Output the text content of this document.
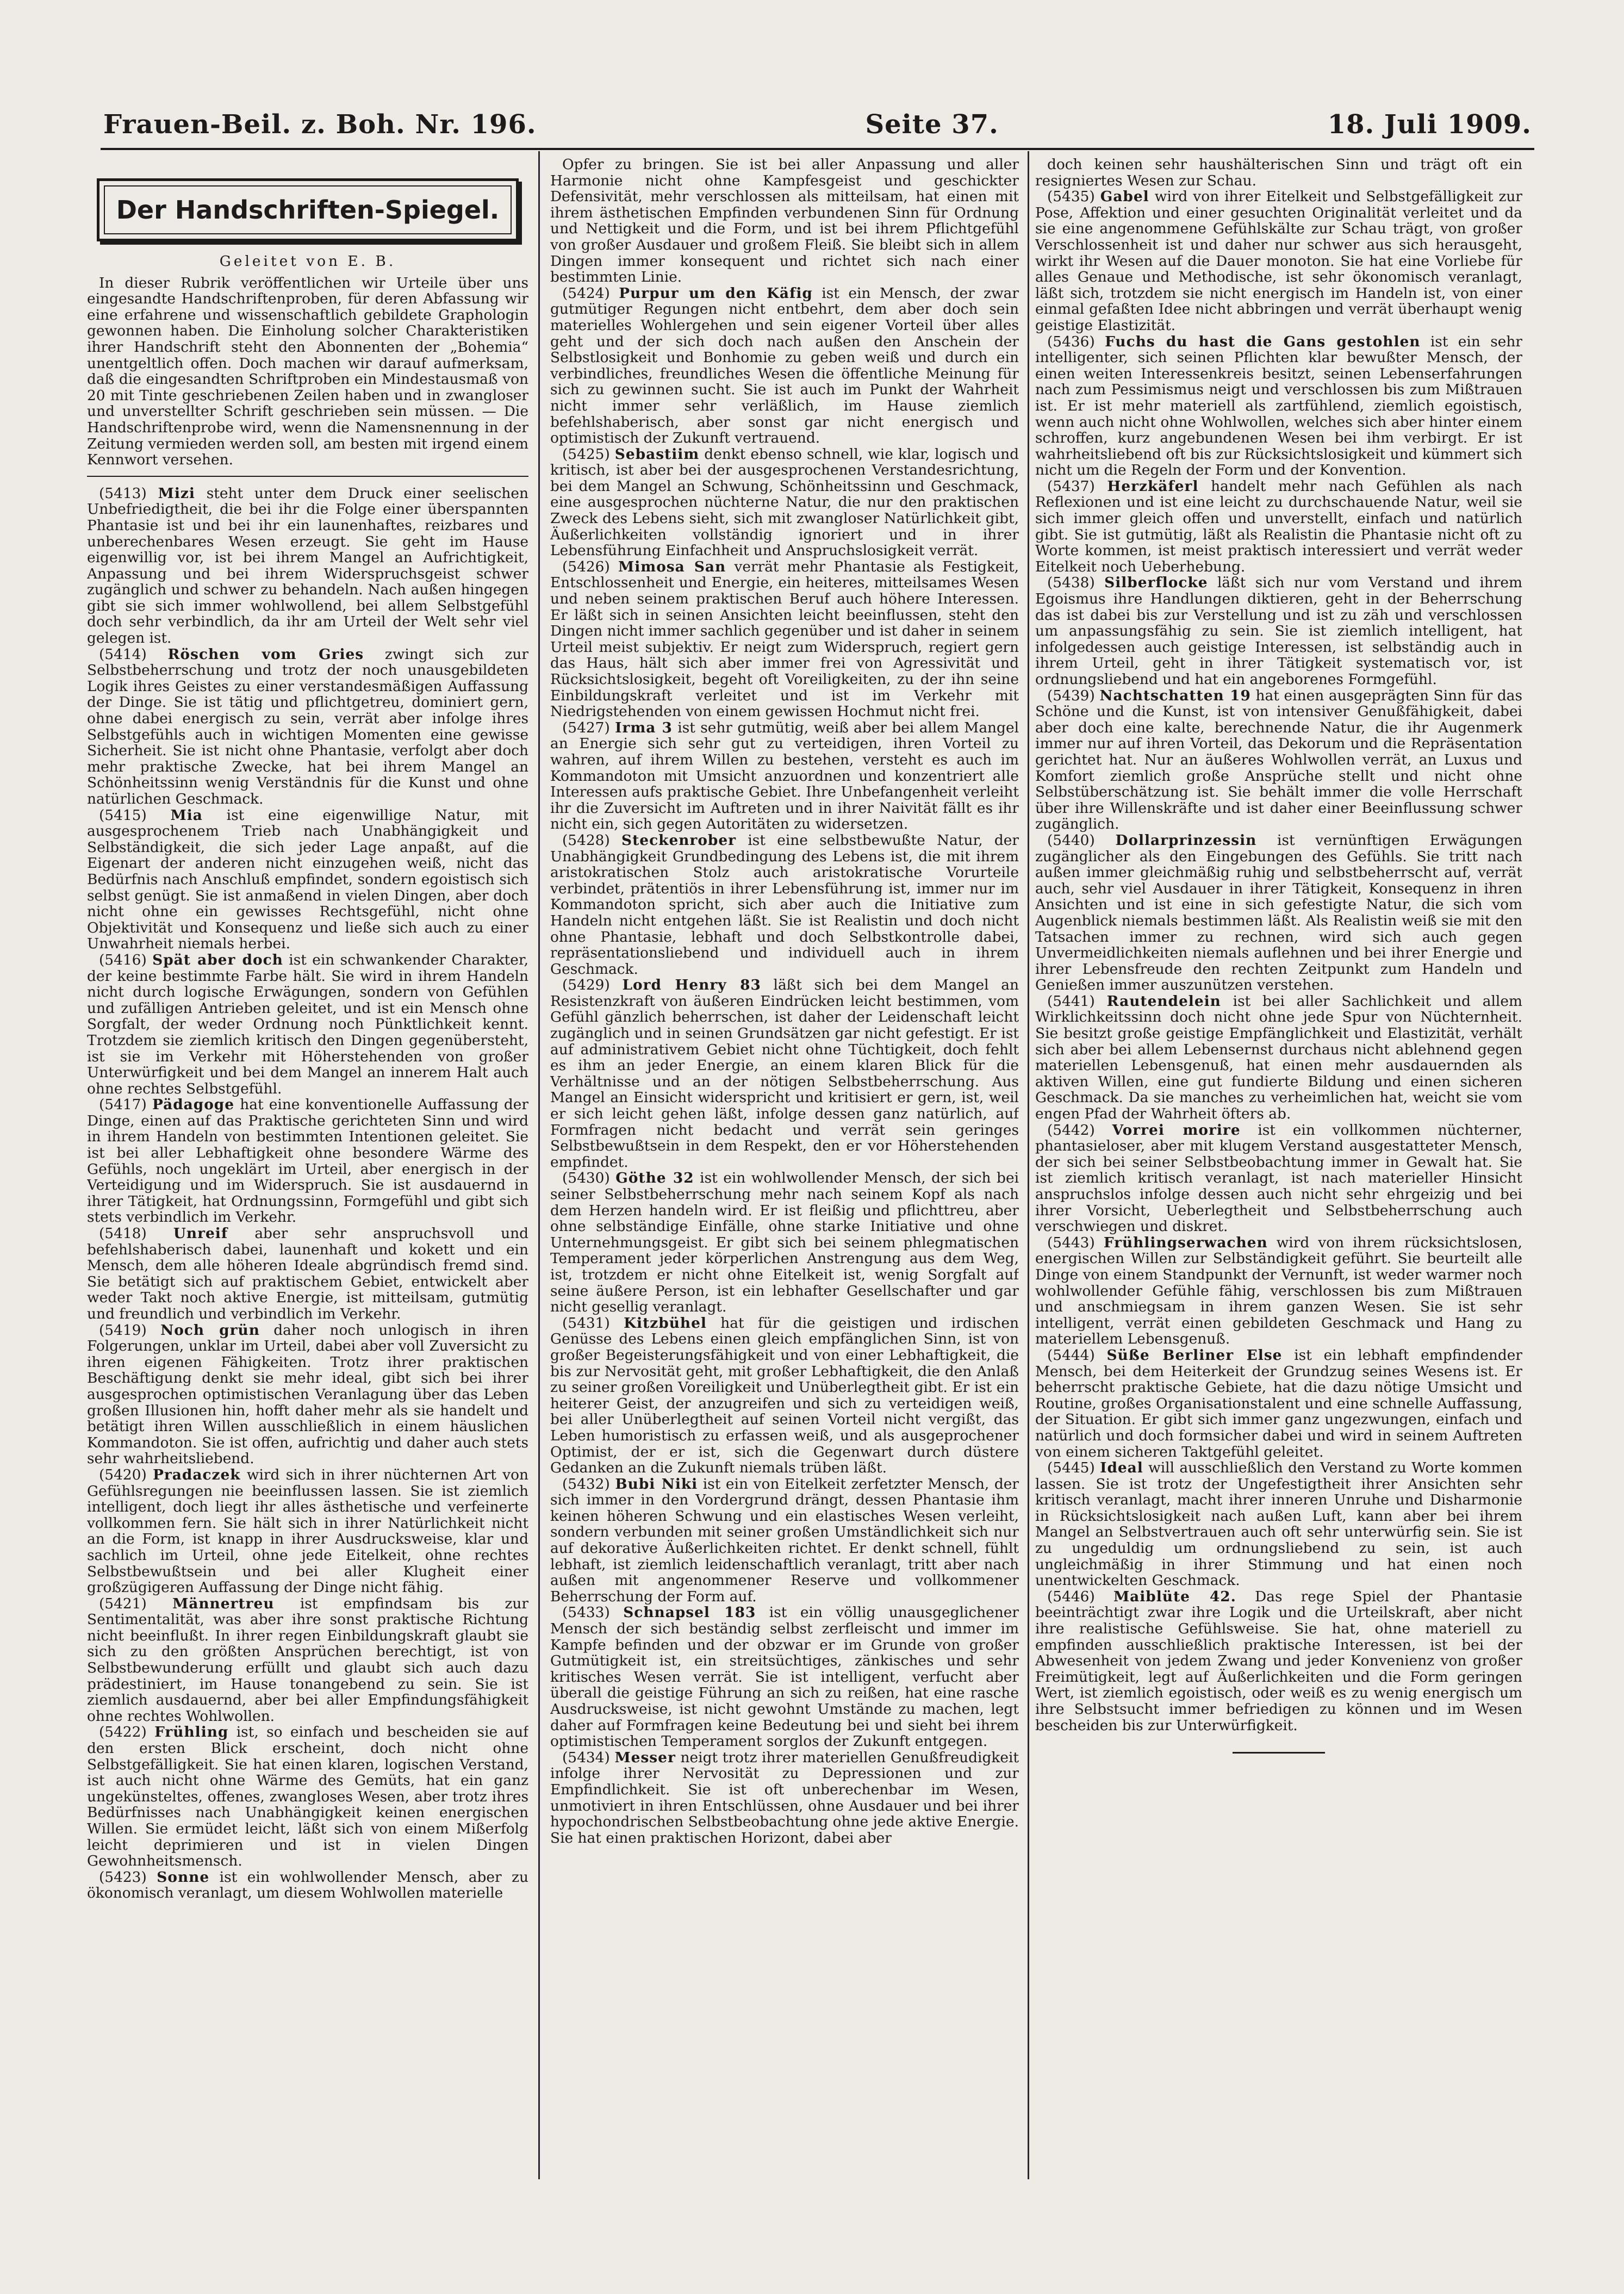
Frauen-Beil. z. Boh. Nr. 196.	Seite 37.	18. Juli 1909.
Der Handschriften-Spiegel.
Geleitet von E. B.

In dieser Rubrik veröffentlichen wir Urteile über uns eingesandte Handschriftenproben, für deren Abfassung wir eine erfahrene und wissenschaftlich gebildete Graphologin gewonnen haben. Die Einholung solcher Charakteristiken ihrer Handschrift steht den Abonnenten der „Bohemia“ unentgeltlich offen. Doch machen wir darauf aufmerksam, daß die eingesandten Schriftproben ein Mindestausmaß von 20 mit Tinte geschriebenen Zeilen haben und in zwangloser und unverstellter Schrift geschrieben sein müssen. — Die Handschriftenprobe wird, wenn die Namensnennung in der Zeitung vermieden werden soll, am besten mit irgend einem Kennwort versehen.

(5413) Mizi steht unter dem Druck einer seelischen Unbefriedigtheit, die bei ihr die Folge einer überspannten Phantasie ist und bei ihr ein launenhaftes, reizbares und unberechenbares Wesen erzeugt. Sie geht im Hause eigenwillig vor, ist bei ihrem Mangel an Aufrichtigkeit, Anpassung und bei ihrem Widerspruchsgeist schwer zugänglich und schwer zu behandeln. Nach außen hingegen gibt sie sich immer wohlwollend, bei allem Selbstgefühl doch sehr verbindlich, da ihr am Urteil der Welt sehr viel gelegen ist.

(5414) Röschen vom Gries zwingt sich zur Selbstbeherrschung und trotz der noch unausgebildeten Logik ihres Geistes zu einer verstandesmäßigen Auffassung der Dinge. Sie ist tätig und pflichtgetreu, dominiert gern, ohne dabei energisch zu sein, verrät aber infolge ihres Selbstgefühls auch in wichtigen Momenten eine gewisse Sicherheit. Sie ist nicht ohne Phantasie, verfolgt aber doch mehr praktische Zwecke, hat bei ihrem Mangel an Schönheitssinn wenig Verständnis für die Kunst und ohne natürlichen Geschmack.

(5415) Mia ist eine eigenwillige Natur, mit ausgesprochenem Trieb nach Unabhängigkeit und Selbständigkeit, die sich jeder Lage anpaßt, auf die Eigenart der anderen nicht einzugehen weiß, nicht das Bedürfnis nach Anschluß empfindet, sondern egoistisch sich selbst genügt. Sie ist anmaßend in vielen Dingen, aber doch nicht ohne ein gewisses Rechtsgefühl, nicht ohne Objektivität und Konsequenz und ließe sich auch zu einer Unwahrheit niemals herbei.

(5416) Spät aber doch ist ein schwankender Charakter, der keine bestimmte Farbe hält. Sie wird in ihrem Handeln nicht durch logische Erwägungen, sondern von Gefühlen und zufälligen Antrieben geleitet, und ist ein Mensch ohne Sorgfalt, der weder Ordnung noch Pünktlichkeit kennt. Trotzdem sie ziemlich kritisch den Dingen gegenübersteht, ist sie im Verkehr mit Höherstehenden von großer Unterwürfigkeit und bei dem Mangel an innerem Halt auch ohne rechtes Selbstgefühl.

(5417) Pädagoge hat eine konventionelle Auffassung der Dinge, einen auf das Praktische gerichteten Sinn und wird in ihrem Handeln von bestimmten Intentionen geleitet. Sie ist bei aller Lebhaftigkeit ohne besondere Wärme des Gefühls, noch ungeklärt im Urteil, aber energisch in der Verteidigung und im Widerspruch. Sie ist ausdauernd in ihrer Tätigkeit, hat Ordnungssinn, Formgefühl und gibt sich stets verbindlich im Verkehr.

(5418) Unreif aber sehr anspruchsvoll und befehlshaberisch dabei, launenhaft und kokett und ein Mensch, dem alle höheren Ideale abgründisch fremd sind. Sie betätigt sich auf praktischem Gebiet, entwickelt aber weder Takt noch aktive Energie, ist mitteilsam, gutmütig und freundlich und verbindlich im Verkehr.

(5419) Noch grün daher noch unlogisch in ihren Folgerungen, unklar im Urteil, dabei aber voll Zuversicht zu ihren eigenen Fähigkeiten. Trotz ihrer praktischen Beschäftigung denkt sie mehr ideal, gibt sich bei ihrer ausgesprochen optimistischen Veranlagung über das Leben großen Illusionen hin, hofft daher mehr als sie handelt und betätigt ihren Willen ausschließlich in einem häuslichen Kommandoton. Sie ist offen, aufrichtig und daher auch stets sehr wahrheitsliebend.

(5420) Pradaczek wird sich in ihrer nüchternen Art von Gefühlsregungen nie beeinflussen lassen. Sie ist ziemlich intelligent, doch liegt ihr alles ästhetische und verfeinerte vollkommen fern. Sie hält sich in ihrer Natürlichkeit nicht an die Form, ist knapp in ihrer Ausdrucksweise, klar und sachlich im Urteil, ohne jede Eitelkeit, ohne rechtes Selbstbewußtsein und bei aller Klugheit einer großzügigeren Auffassung der Dinge nicht fähig.

(5421) Männertreu ist empfindsam bis zur Sentimentalität, was aber ihre sonst praktische Richtung nicht beeinflußt. In ihrer regen Einbildungskraft glaubt sie sich zu den größten Ansprüchen berechtigt, ist von Selbstbewunderung erfüllt und glaubt sich auch dazu prädestiniert, im Hause tonangebend zu sein. Sie ist ziemlich ausdauernd, aber bei aller Empfindungsfähigkeit ohne rechtes Wohlwollen.

(5422) Frühling ist, so einfach und bescheiden sie auf den ersten Blick erscheint, doch nicht ohne Selbstgefälligkeit. Sie hat einen klaren, logischen Verstand, ist auch nicht ohne Wärme des Gemüts, hat ein ganz ungekünsteltes, offenes, zwangloses Wesen, aber trotz ihres Bedürfnisses nach Unabhängigkeit keinen energischen Willen. Sie ermüdet leicht, läßt sich von einem Mißerfolg leicht deprimieren und ist in vielen Dingen Gewohnheitsmensch.

(5423) Sonne ist ein wohlwollender Mensch, aber zu ökonomisch veranlagt, um diesem Wohlwollen materielle

Opfer zu bringen. Sie ist bei aller Anpassung und aller Harmonie nicht ohne Kampfesgeist und geschickter Defensivität, mehr verschlossen als mitteilsam, hat einen mit ihrem ästhetischen Empfinden verbundenen Sinn für Ordnung und Nettigkeit und die Form, und ist bei ihrem Pflichtgefühl von großer Ausdauer und großem Fleiß. Sie bleibt sich in allem Dingen immer konsequent und richtet sich nach einer bestimmten Linie.

(5424) Purpur um den Käfig ist ein Mensch, der zwar gutmütiger Regungen nicht entbehrt, dem aber doch sein materielles Wohlergehen und sein eigener Vorteil über alles geht und der sich doch nach außen den Anschein der Selbstlosigkeit und Bonhomie zu geben weiß und durch ein verbindliches, freundliches Wesen die öffentliche Meinung für sich zu gewinnen sucht. Sie ist auch im Punkt der Wahrheit nicht immer sehr verläßlich, im Hause ziemlich befehlshaberisch, aber sonst gar nicht energisch und optimistisch der Zukunft vertrauend.

(5425) Sebastiim denkt ebenso schnell, wie klar, logisch und kritisch, ist aber bei der ausgesprochenen Verstandesrichtung, bei dem Mangel an Schwung, Schönheitssinn und Geschmack, eine ausgesprochen nüchterne Natur, die nur den praktischen Zweck des Lebens sieht, sich mit zwangloser Natürlichkeit gibt, Äußerlichkeiten vollständig ignoriert und in ihrer Lebensführung Einfachheit und Anspruchslosigkeit verrät.

(5426) Mimosa San verrät mehr Phantasie als Festigkeit, Entschlossenheit und Energie, ein heiteres, mitteilsames Wesen und neben seinem praktischen Beruf auch höhere Interessen. Er läßt sich in seinen Ansichten leicht beeinflussen, steht den Dingen nicht immer sachlich gegenüber und ist daher in seinem Urteil meist subjektiv. Er neigt zum Widerspruch, regiert gern das Haus, hält sich aber immer frei von Agressivität und Rücksichtslosigkeit, begeht oft Voreiligkeiten, zu der ihn seine Einbildungskraft verleitet und ist im Verkehr mit Niedrigstehenden von einem gewissen Hochmut nicht frei.

(5427) Irma 3 ist sehr gutmütig, weiß aber bei allem Mangel an Energie sich sehr gut zu verteidigen, ihren Vorteil zu wahren, auf ihrem Willen zu bestehen, versteht es auch im Kommandoton mit Umsicht anzuordnen und konzentriert alle Interessen aufs praktische Gebiet. Ihre Unbefangenheit verleiht ihr die Zuversicht im Auftreten und in ihrer Naivität fällt es ihr nicht ein, sich gegen Autoritäten zu widersetzen.

(5428) Steckenrober ist eine selbstbewußte Natur, der Unabhängigkeit Grundbedingung des Lebens ist, die mit ihrem aristokratischen Stolz auch aristokratische Vorurteile verbindet, prätentiös in ihrer Lebensführung ist, immer nur im Kommandoton spricht, sich aber auch die Initiative zum Handeln nicht entgehen läßt. Sie ist Realistin und doch nicht ohne Phantasie, lebhaft und doch Selbstkontrolle dabei, repräsentationsliebend und individuell auch in ihrem Geschmack.

(5429) Lord Henry 83 läßt sich bei dem Mangel an Resistenzkraft von äußeren Eindrücken leicht bestimmen, vom Gefühl gänzlich beherrschen, ist daher der Leidenschaft leicht zugänglich und in seinen Grundsätzen gar nicht gefestigt. Er ist auf administrativem Gebiet nicht ohne Tüchtigkeit, doch fehlt es ihm an jeder Energie, an einem klaren Blick für die Verhältnisse und an der nötigen Selbstbeherrschung. Aus Mangel an Einsicht widerspricht und kritisiert er gern, ist, weil er sich leicht gehen läßt, infolge dessen ganz natürlich, auf Formfragen nicht bedacht und verrät sein geringes Selbstbewußtsein in dem Respekt, den er vor Höherstehenden empfindet.

(5430) Göthe 32 ist ein wohlwollender Mensch, der sich bei seiner Selbstbeherrschung mehr nach seinem Kopf als nach dem Herzen handeln wird. Er ist fleißig und pflichttreu, aber ohne selbständige Einfälle, ohne starke Initiative und ohne Unternehmungsgeist. Er gibt sich bei seinem phlegmatischen Temperament jeder körperlichen Anstrengung aus dem Weg, ist, trotzdem er nicht ohne Eitelkeit ist, wenig Sorgfalt auf seine äußere Person, ist ein lebhafter Gesellschafter und gar nicht gesellig veranlagt.

(5431) Kitzbühel hat für die geistigen und irdischen Genüsse des Lebens einen gleich empfänglichen Sinn, ist von großer Begeisterungsfähigkeit und von einer Lebhaftigkeit, die bis zur Nervosität geht, mit großer Lebhaftigkeit, die den Anlaß zu seiner großen Voreiligkeit und Unüberlegtheit gibt. Er ist ein heiterer Geist, der anzugreifen und sich zu verteidigen weiß, bei aller Unüberlegtheit auf seinen Vorteil nicht vergißt, das Leben humoristisch zu erfassen weiß, und als ausgeprochener Optimist, der er ist, sich die Gegenwart durch düstere Gedanken an die Zukunft niemals trüben läßt.

(5432) Bubi Niki ist ein von Eitelkeit zerfetzter Mensch, der sich immer in den Vordergrund drängt, dessen Phantasie ihm keinen höheren Schwung und ein elastisches Wesen verleiht, sondern verbunden mit seiner großen Umständlichkeit sich nur auf dekorative Äußerlichkeiten richtet. Er denkt schnell, fühlt lebhaft, ist ziemlich leidenschaftlich veranlagt, tritt aber nach außen mit angenommener Reserve und vollkommener Beherrschung der Form auf.

(5433) Schnapsel 183 ist ein völlig unausgeglichener Mensch der sich beständig selbst zerfleischt und immer im Kampfe befinden und der obzwar er im Grunde von großer Gutmütigkeit ist, ein streitsüchtiges, zänkisches und sehr kritisches Wesen verrät. Sie ist intelligent, verfucht aber überall die geistige Führung an sich zu reißen, hat eine rasche Ausdrucksweise, ist nicht gewohnt Umstände zu machen, legt daher auf Formfragen keine Bedeutung bei und sieht bei ihrem optimistischen Temperament sorglos der Zukunft entgegen.

(5434) Messer neigt trotz ihrer materiellen Genußfreudigkeit infolge ihrer Nervosität zu Depressionen und zur Empfindlichkeit. Sie ist oft unberechenbar im Wesen, unmotiviert in ihren Entschlüssen, ohne Ausdauer und bei ihrer hypochondrischen Selbstbeobachtung ohne jede aktive Energie. Sie hat einen praktischen Horizont, dabei aber

doch keinen sehr haushälterischen Sinn und trägt oft ein resigniertes Wesen zur Schau.

(5435) Gabel wird von ihrer Eitelkeit und Selbstgefälligkeit zur Pose, Affektion und einer gesuchten Originalität verleitet und da sie eine angenommene Gefühlskälte zur Schau trägt, von großer Verschlossenheit ist und daher nur schwer aus sich herausgeht, wirkt ihr Wesen auf die Dauer monoton. Sie hat eine Vorliebe für alles Genaue und Methodische, ist sehr ökonomisch veranlagt, läßt sich, trotzdem sie nicht energisch im Handeln ist, von einer einmal gefaßten Idee nicht abbringen und verrät überhaupt wenig geistige Elastizität.

(5436) Fuchs du hast die Gans gestohlen ist ein sehr intelligenter, sich seinen Pflichten klar bewußter Mensch, der einen weiten Interessenkreis besitzt, seinen Lebenserfahrungen nach zum Pessimismus neigt und verschlossen bis zum Mißtrauen ist. Er ist mehr materiell als zartfühlend, ziemlich egoistisch, wenn auch nicht ohne Wohlwollen, welches sich aber hinter einem schroffen, kurz angebundenen Wesen bei ihm verbirgt. Er ist wahrheitsliebend oft bis zur Rücksichtslosigkeit und kümmert sich nicht um die Regeln der Form und der Konvention.

(5437) Herzkäferl handelt mehr nach Gefühlen als nach Reflexionen und ist eine leicht zu durchschauende Natur, weil sie sich immer gleich offen und unverstellt, einfach und natürlich gibt. Sie ist gutmütig, läßt als Realistin die Phantasie nicht oft zu Worte kommen, ist meist praktisch interessiert und verrät weder Eitelkeit noch Ueberhebung.

(5438) Silberflocke läßt sich nur vom Verstand und ihrem Egoismus ihre Handlungen diktieren, geht in der Beherrschung das ist dabei bis zur Verstellung und ist zu zäh und verschlossen um anpassungsfähig zu sein. Sie ist ziemlich intelligent, hat infolgedessen auch geistige Interessen, ist selbständig auch in ihrem Urteil, geht in ihrer Tätigkeit systematisch vor, ist ordnungsliebend und hat ein angeborenes Formgefühl.

(5439) Nachtschatten 19 hat einen ausgeprägten Sinn für das Schöne und die Kunst, ist von intensiver Genußfähigkeit, dabei aber doch eine kalte, berechnende Natur, die ihr Augenmerk immer nur auf ihren Vorteil, das Dekorum und die Repräsentation gerichtet hat. Nur an äußeres Wohlwollen verrät, an Luxus und Komfort ziemlich große Ansprüche stellt und nicht ohne Selbstüberschätzung ist. Sie behält immer die volle Herrschaft über ihre Willenskräfte und ist daher einer Beeinflussung schwer zugänglich.

(5440) Dollarprinzessin ist vernünftigen Erwägungen zugänglicher als den Eingebungen des Gefühls. Sie tritt nach außen immer gleichmäßig ruhig und selbstbeherrscht auf, verrät auch, sehr viel Ausdauer in ihrer Tätigkeit, Konsequenz in ihren Ansichten und ist eine in sich gefestigte Natur, die sich vom Augenblick niemals bestimmen läßt. Als Realistin weiß sie mit den Tatsachen immer zu rechnen, wird sich auch gegen Unvermeidlichkeiten niemals auflehnen und bei ihrer Energie und ihrer Lebensfreude den rechten Zeitpunkt zum Handeln und Genießen immer auszunützen verstehen.

(5441) Rautendelein ist bei aller Sachlichkeit und allem Wirklichkeitssinn doch nicht ohne jede Spur von Nüchternheit. Sie besitzt große geistige Empfänglichkeit und Elastizität, verhält sich aber bei allem Lebensernst durchaus nicht ablehnend gegen materiellen Lebensgenuß, hat einen mehr ausdauernden als aktiven Willen, eine gut fundierte Bildung und einen sicheren Geschmack. Da sie manches zu verheimlichen hat, weicht sie vom engen Pfad der Wahrheit öfters ab.

(5442) Vorrei morire ist ein vollkommen nüchterner, phantasieloser, aber mit klugem Verstand ausgestatteter Mensch, der sich bei seiner Selbstbeobachtung immer in Gewalt hat. Sie ist ziemlich kritisch veranlagt, ist nach materieller Hinsicht anspruchslos infolge dessen auch nicht sehr ehrgeizig und bei ihrer Vorsicht, Ueberlegtheit und Selbstbeherrschung auch verschwiegen und diskret.

(5443) Frühlingserwachen wird von ihrem rücksichtslosen, energischen Willen zur Selbständigkeit geführt. Sie beurteilt alle Dinge von einem Standpunkt der Vernunft, ist weder warmer noch wohlwollender Gefühle fähig, verschlossen bis zum Mißtrauen und anschmiegsam in ihrem ganzen Wesen. Sie ist sehr intelligent, verrät einen gebildeten Geschmack und Hang zu materiellem Lebensgenuß.

(5444) Süße Berliner Else ist ein lebhaft empfindender Mensch, bei dem Heiterkeit der Grundzug seines Wesens ist. Er beherrscht praktische Gebiete, hat die dazu nötige Umsicht und Routine, großes Organisationstalent und eine schnelle Auffassung, der Situation. Er gibt sich immer ganz ungezwungen, einfach und natürlich und doch formsicher dabei und wird in seinem Auftreten von einem sicheren Taktgefühl geleitet.

(5445) Ideal will ausschließlich den Verstand zu Worte kommen lassen. Sie ist trotz der Ungefestigtheit ihrer Ansichten sehr kritisch veranlagt, macht ihrer inneren Unruhe und Disharmonie in Rücksichtslosigkeit nach außen Luft, kann aber bei ihrem Mangel an Selbstvertrauen auch oft sehr unterwürfig sein. Sie ist zu ungeduldig um ordnungsliebend zu sein, ist auch ungleichmäßig in ihrer Stimmung und hat einen noch unentwickelten Geschmack.

(5446) Maiblüte 42. Das rege Spiel der Phantasie beeinträchtigt zwar ihre Logik und die Urteilskraft, aber nicht ihre realistische Gefühlsweise. Sie hat, ohne materiell zu empfinden ausschließlich praktische Interessen, ist bei der Abwesenheit von jedem Zwang und jeder Konvenienz von großer Freimütigkeit, legt auf Äußerlichkeiten und die Form geringen Wert, ist ziemlich egoistisch, oder weiß es zu wenig energisch um ihre Selbstsucht immer befriedigen zu können und im Wesen bescheiden bis zur Unterwürfigkeit.
